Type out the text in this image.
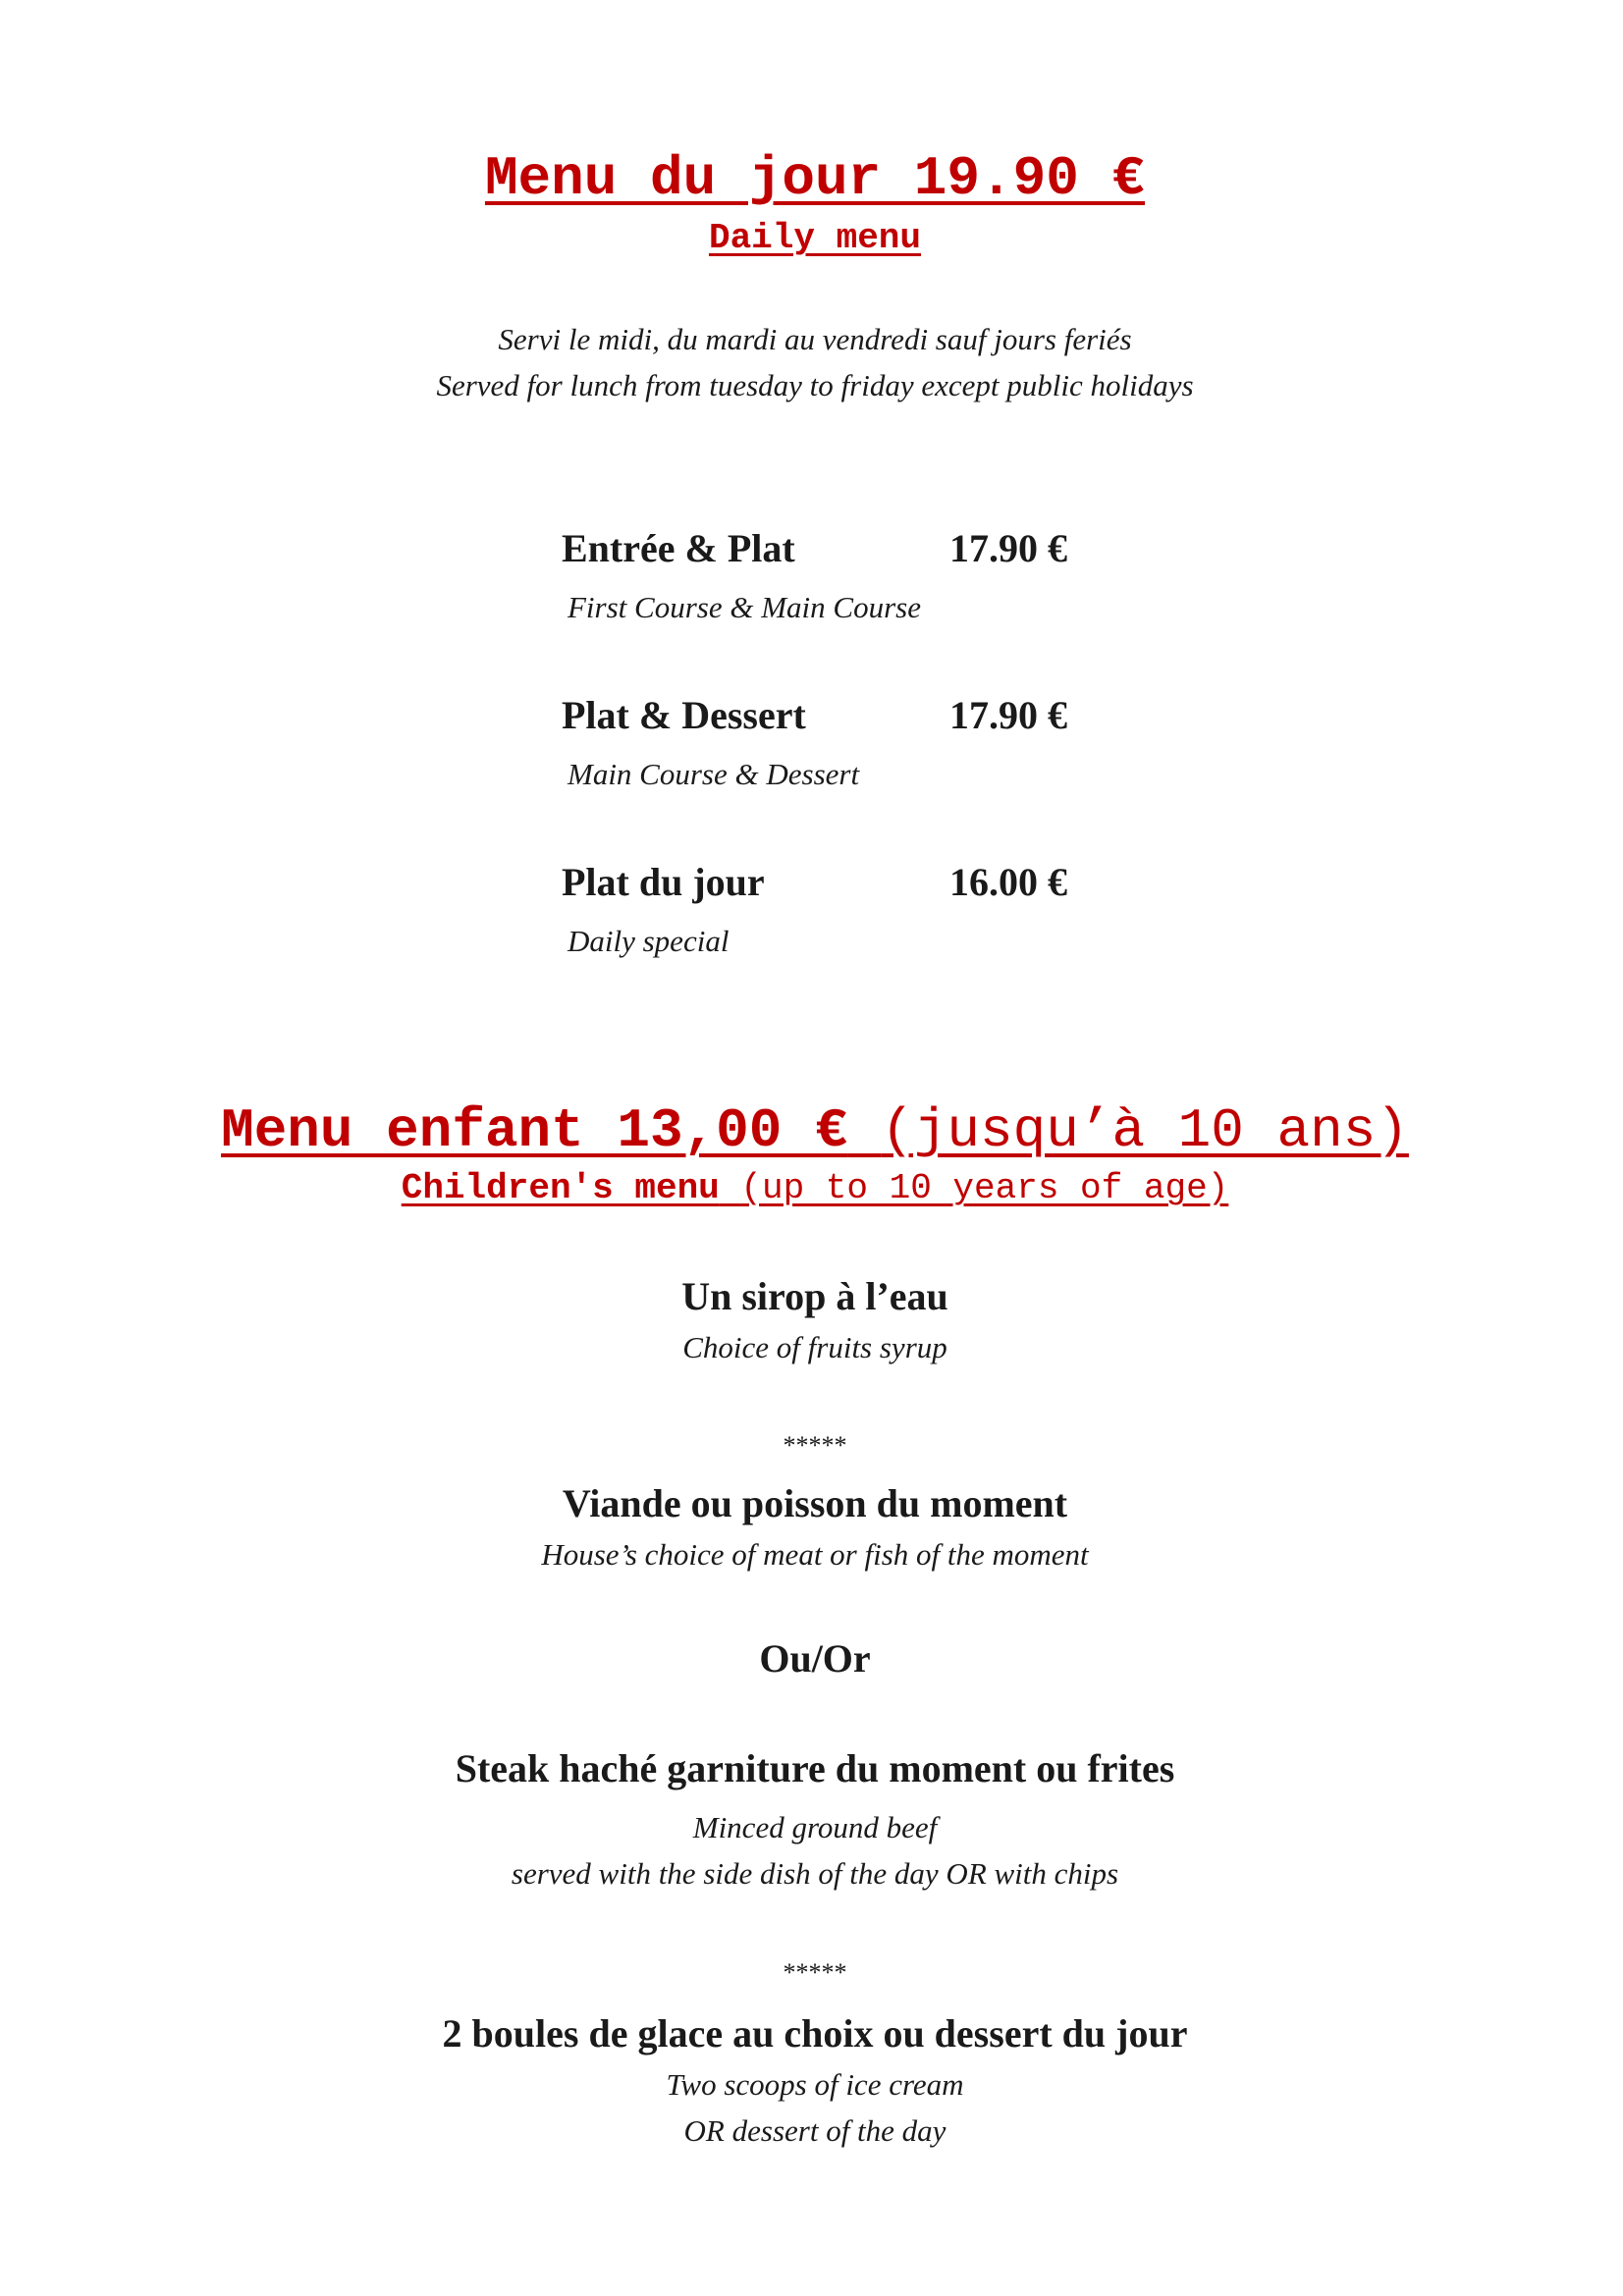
Menu du jour 19.90 €
Daily menu
Servi le midi, du mardi au vendredi sauf jours feriés
Served for lunch from tuesday to friday except public holidays
Entrée & Plat	17.90 €
First Course & Main Course
Plat & Dessert	17.90 €
Main Course & Dessert
Plat du jour	16.00 €
Daily special
Menu enfant 13,00 € (jusqu’à 10 ans)
Children's menu (up to 10 years of age)
Un sirop à l’eau
Choice of fruits syrup
*****
Viande ou poisson du moment
House’s choice of meat or fish of the moment
Ou/Or
Steak haché garniture du moment ou frites
Minced ground beef
served with the side dish of the day OR with chips
*****
2 boules de glace au choix ou dessert du jour
Two scoops of ice cream
OR dessert of the day
